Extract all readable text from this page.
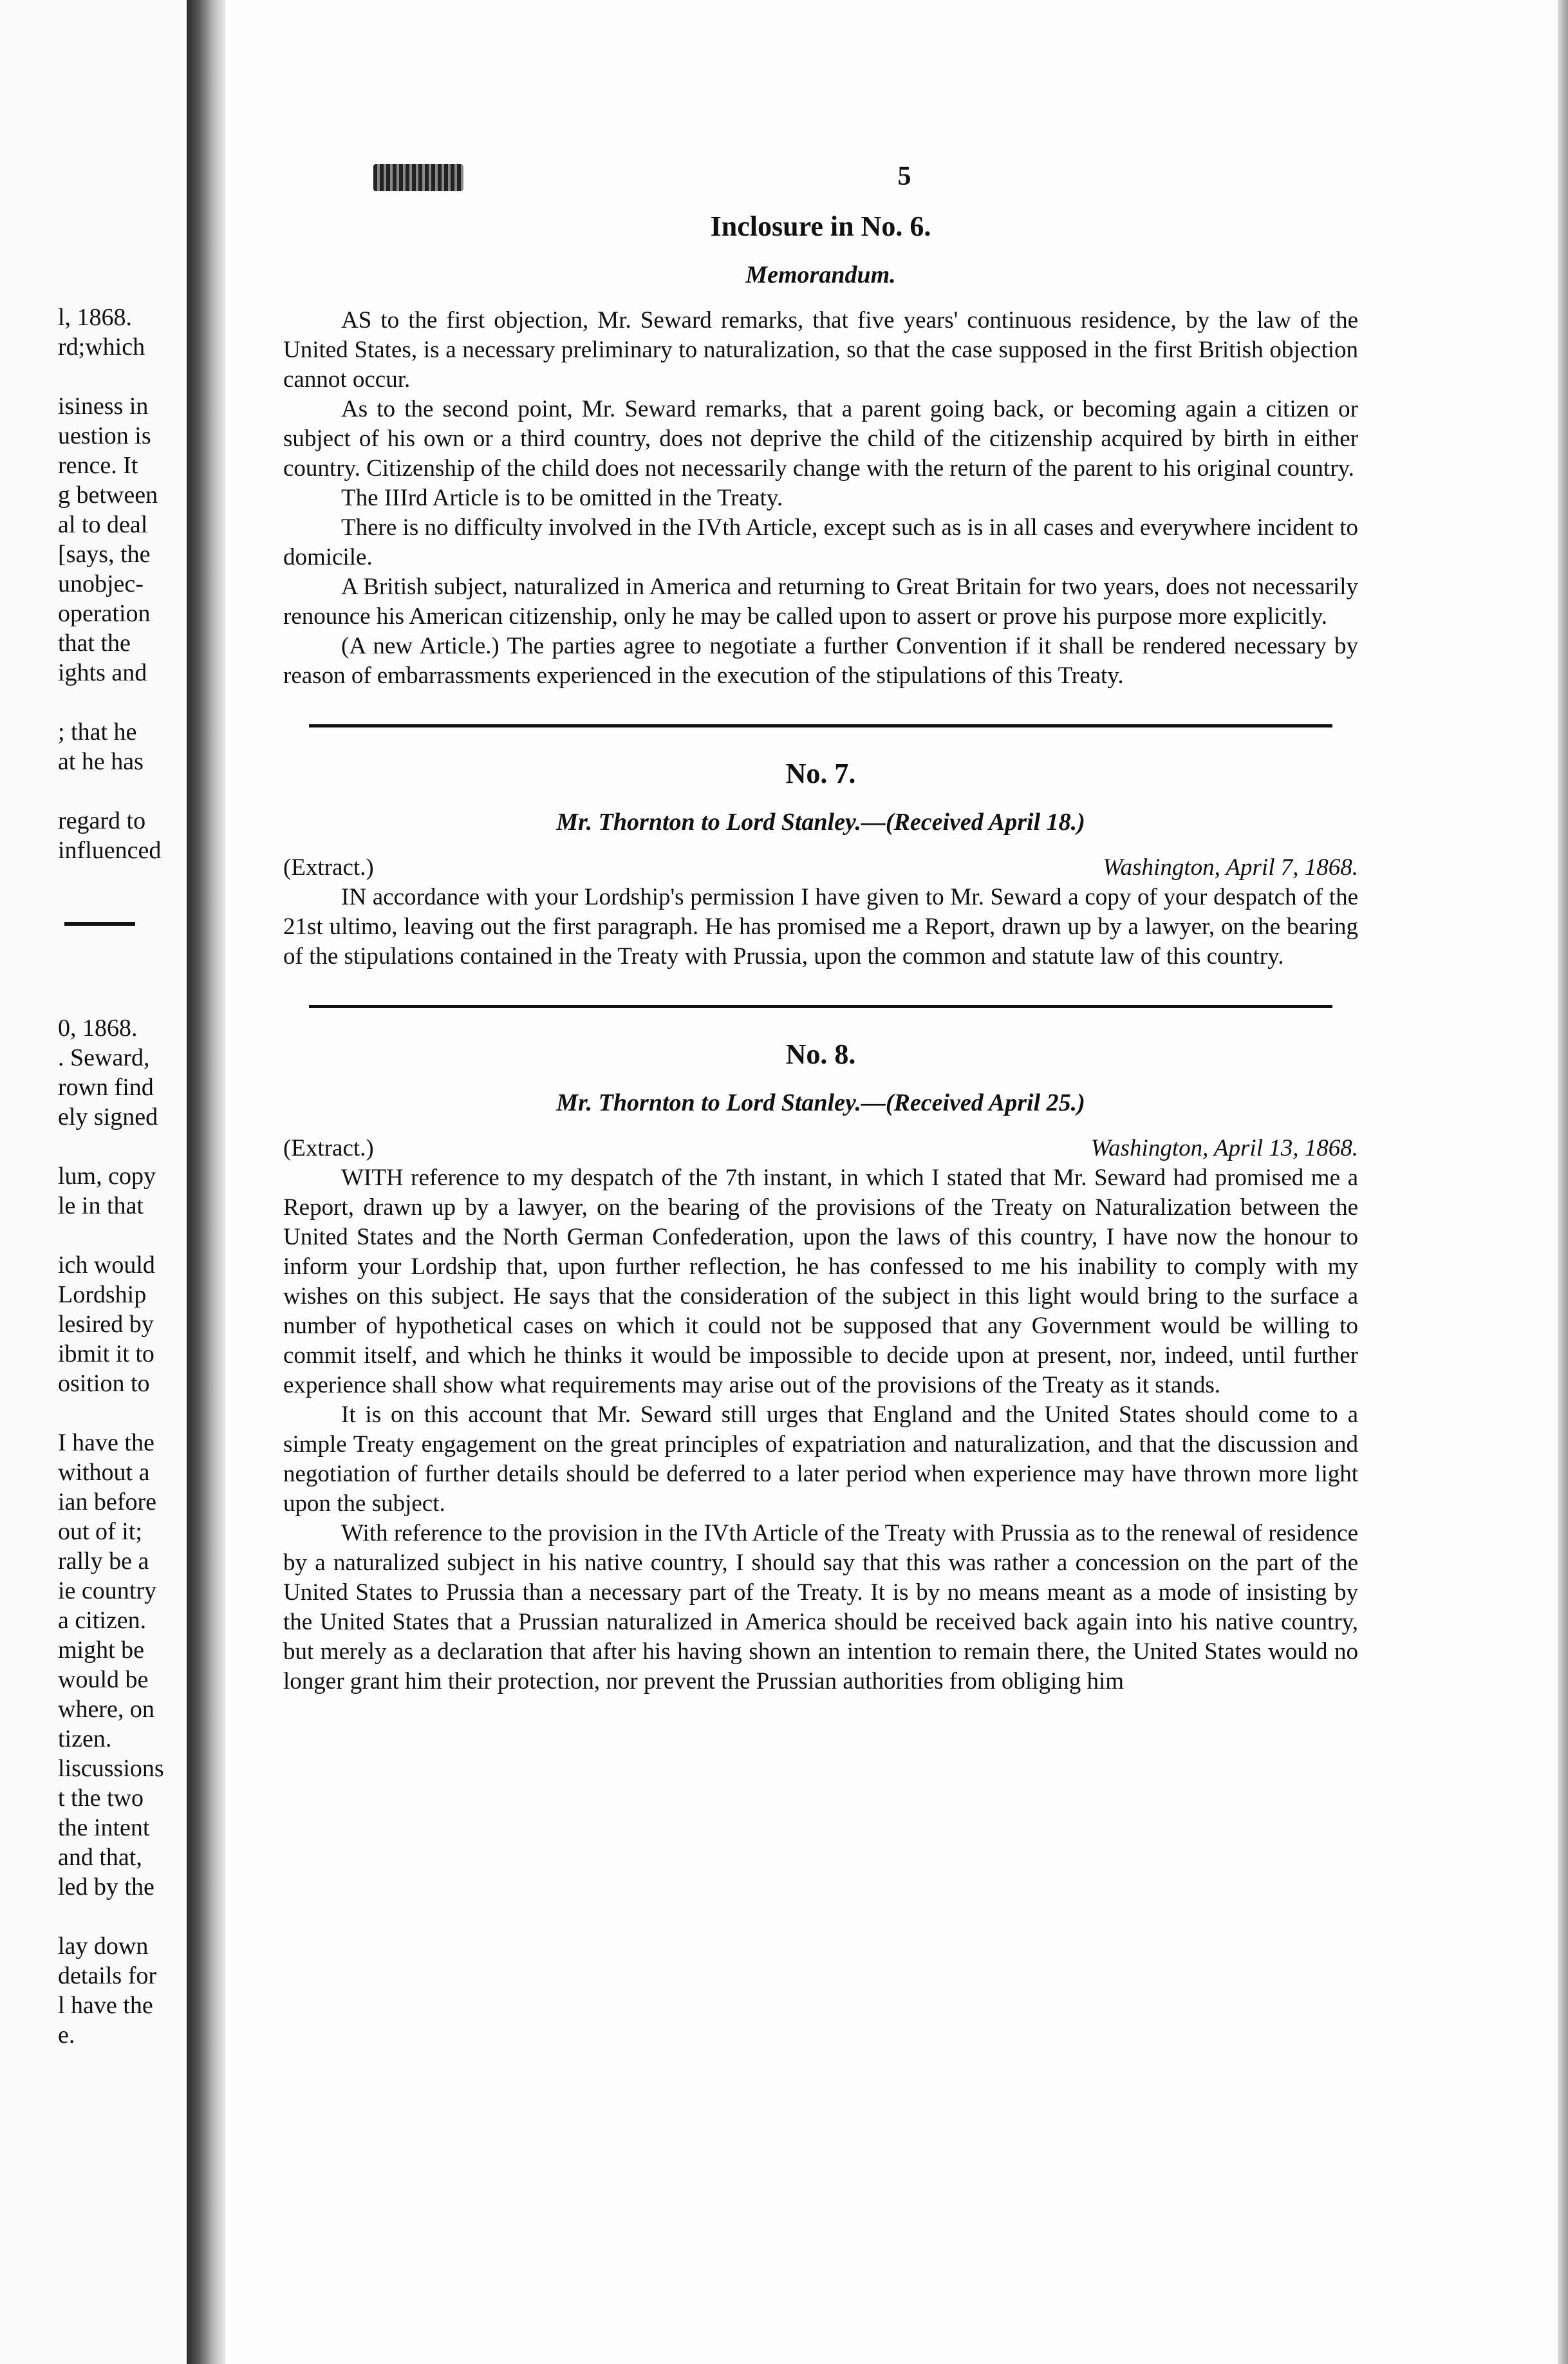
l, 1868.
rd;which
isiness in
uestion is
rence. It
g between
al to deal
[says, the
unobjec-
operation
that the
ights and
; that he
at he has
regard to
influenced
0, 1868.
. Seward,
rown find
ely signed
lum, copy
le in that
ich would
Lordship
lesired by
ibmit it to
osition to
I have the
without a
ian before
out of it;
rally be a
ie country
a citizen.
might be
would be
where, on
tizen.
liscussions
t the two
the intent
and that,
led by the
lay down
details for
l have the
e.
5
Inclosure in No. 6.
Memorandum.

AS to the first objection, Mr. Seward remarks, that five years' continuous residence, by the law of the United States, is a necessary preliminary to naturalization, so that the case supposed in the first British objection cannot occur.

As to the second point, Mr. Seward remarks, that a parent going back, or becoming again a citizen or subject of his own or a third country, does not deprive the child of the citizenship acquired by birth in either country. Citizenship of the child does not necessarily change with the return of the parent to his original country.

The IIIrd Article is to be omitted in the Treaty.

There is no difficulty involved in the IVth Article, except such as is in all cases and everywhere incident to domicile.

A British subject, naturalized in America and returning to Great Britain for two years, does not necessarily renounce his American citizenship, only he may be called upon to assert or prove his purpose more explicitly.

(A new Article.) The parties agree to negotiate a further Convention if it shall be rendered necessary by reason of embarrassments experienced in the execution of the stipulations of this Treaty.

No. 7.
Mr. Thornton to Lord Stanley.—(Received April 18.)
(Extract.)	Washington, April 7, 1868.

IN accordance with your Lordship's permission I have given to Mr. Seward a copy of your despatch of the 21st ultimo, leaving out the first paragraph. He has promised me a Report, drawn up by a lawyer, on the bearing of the stipulations contained in the Treaty with Prussia, upon the common and statute law of this country.

No. 8.
Mr. Thornton to Lord Stanley.—(Received April 25.)
(Extract.)	Washington, April 13, 1868.

WITH reference to my despatch of the 7th instant, in which I stated that Mr. Seward had promised me a Report, drawn up by a lawyer, on the bearing of the provisions of the Treaty on Naturalization between the United States and the North German Confederation, upon the laws of this country, I have now the honour to inform your Lordship that, upon further reflection, he has confessed to me his inability to comply with my wishes on this subject. He says that the consideration of the subject in this light would bring to the surface a number of hypothetical cases on which it could not be supposed that any Government would be willing to commit itself, and which he thinks it would be impossible to decide upon at present, nor, indeed, until further experience shall show what requirements may arise out of the provisions of the Treaty as it stands.

It is on this account that Mr. Seward still urges that England and the United States should come to a simple Treaty engagement on the great principles of expatriation and naturalization, and that the discussion and negotiation of further details should be deferred to a later period when experience may have thrown more light upon the subject.

With reference to the provision in the IVth Article of the Treaty with Prussia as to the renewal of residence by a naturalized subject in his native country, I should say that this was rather a concession on the part of the United States to Prussia than a necessary part of the Treaty. It is by no means meant as a mode of insisting by the United States that a Prussian naturalized in America should be received back again into his native country, but merely as a declaration that after his having shown an intention to remain there, the United States would no longer grant him their protection, nor prevent the Prussian authorities from obliging him
